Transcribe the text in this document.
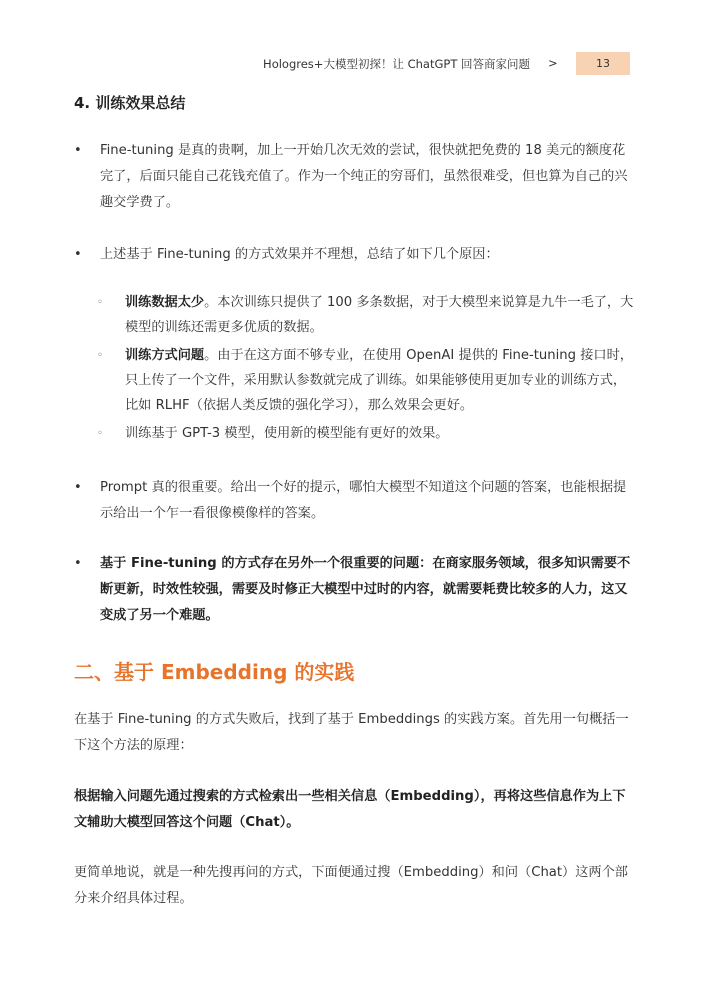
Hologres+大模型初探！让 ChatGPT 回答商家问题 >	13
4. 训练效果总结
•	Fine-tuning 是真的贵啊，加上一开始几次无效的尝试，很快就把免费的 18 美元的额度花完了，后面只能自己花钱充值了。作为一个纯正的穷哥们，虽然很难受，但也算为自己的兴趣交学费了。
•	上述基于 Fine-tuning 的方式效果并不理想，总结了如下几个原因：
◦ 训练数据太少。本次训练只提供了 100 多条数据，对于大模型来说算是九牛一毛了，大模型的训练还需更多优质的数据。
◦ 训练方式问题。由于在这方面不够专业，在使用 OpenAI 提供的 Fine-tuning 接口时，只上传了一个文件，采用默认参数就完成了训练。如果能够使用更加专业的训练方式，比如 RLHF（依据人类反馈的强化学习），那么效果会更好。
◦ 训练基于 GPT-3 模型，使用新的模型能有更好的效果。
•	Prompt 真的很重要。给出一个好的提示，哪怕大模型不知道这个问题的答案，也能根据提示给出一个乍一看很像模像样的答案。
•	基于 Fine-tuning 的方式存在另外一个很重要的问题：在商家服务领域，很多知识需要不断更新，时效性较强，需要及时修正大模型中过时的内容，就需要耗费比较多的人力，这又变成了另一个难题。
二、基于 Embedding 的实践
在基于 Fine-tuning 的方式失败后，找到了基于 Embeddings 的实践方案。首先用一句概括一下这个方法的原理：
根据输入问题先通过搜索的方式检索出一些相关信息（Embedding），再将这些信息作为上下文辅助大模型回答这个问题（Chat）。
更简单地说，就是一种先搜再问的方式，下面便通过搜（Embedding）和问（Chat）这两个部分来介绍具体过程。
